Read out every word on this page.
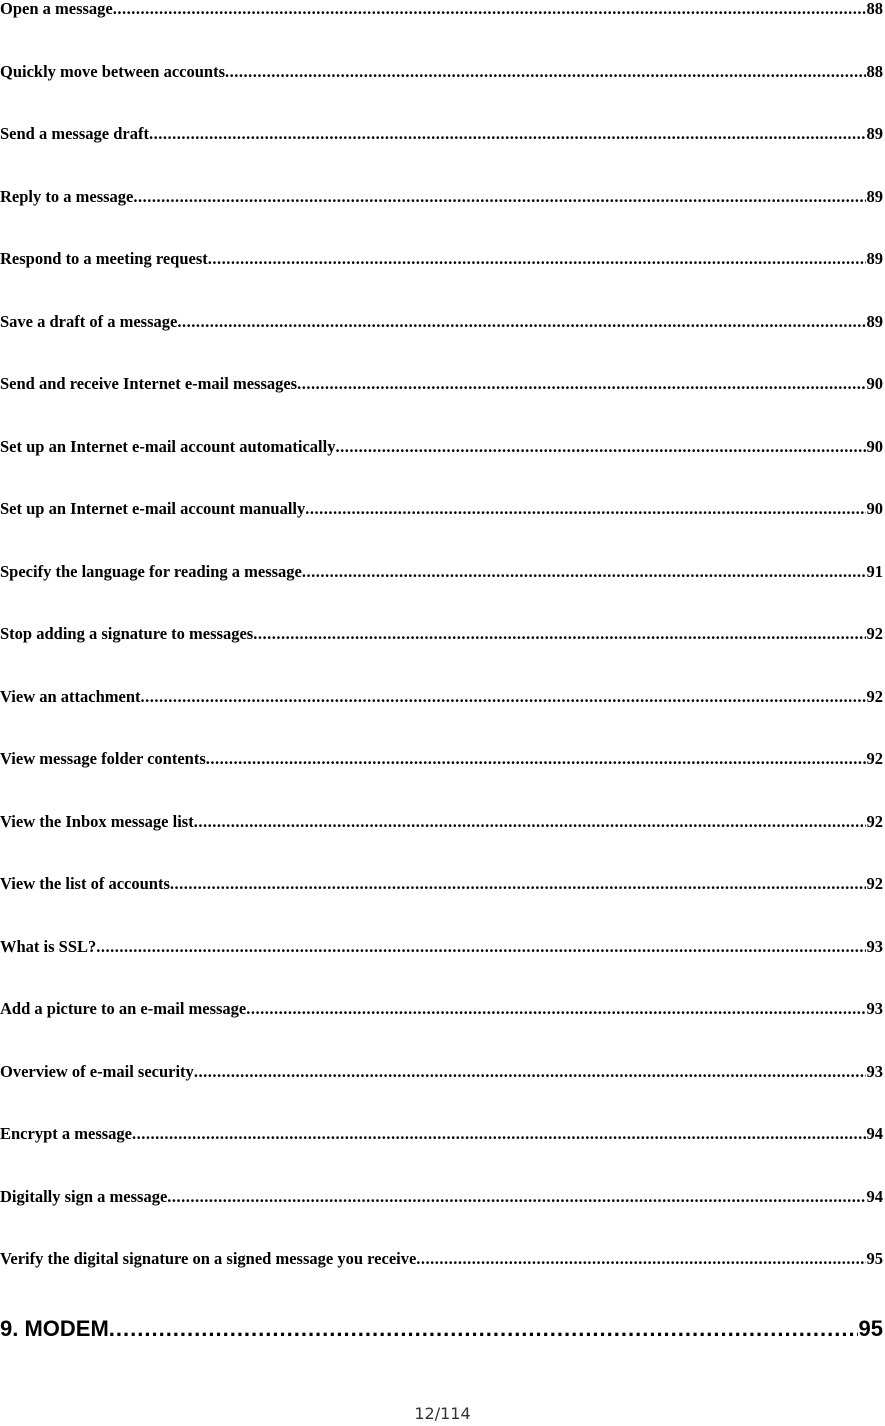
Open a message .....	88
Quickly move between accounts .....	88
Send a message draft .....	89
Reply to a message .....	89
Respond to a meeting request .....	89
Save a draft of a message .....	89
Send and receive Internet e-mail messages .....	90
Set up an Internet e-mail account automatically .....	90
Set up an Internet e-mail account manually .....	90
Specify the language for reading a message .....	91
Stop adding a signature to messages .....	92
View an attachment .....	92
View message folder contents .....	92
View the Inbox message list .....	92
View the list of accounts .....	92
What is SSL? .....	93
Add a picture to an e-mail message .....	93
Overview of e-mail security .....	93
Encrypt a message .....	94
Digitally sign a message .....	94
Verify the digital signature on a signed message you receive .....	95
9. MODEM .....	95
12/114
